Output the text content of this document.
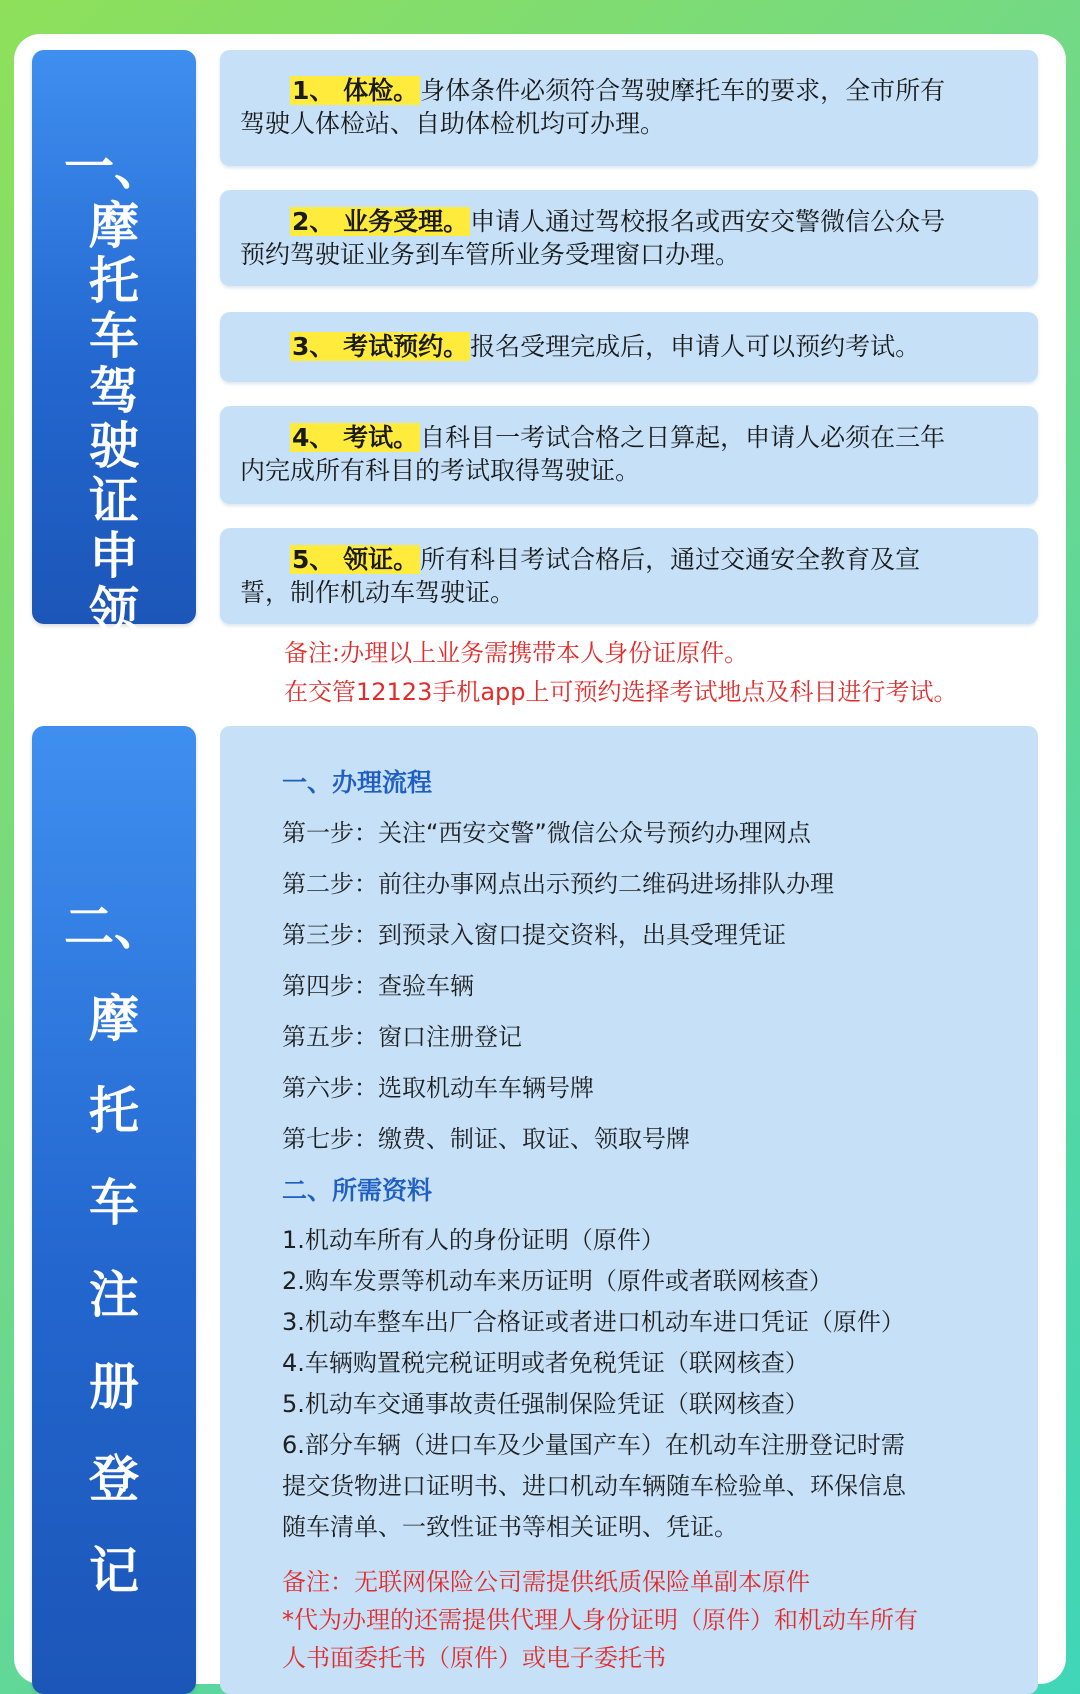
一、
摩
托
车
驾
驶
证
申
领
1、 体检。身体条件必须符合驾驶摩托车的要求，全市所有
驾驶人体检站、自助体检机均可办理。
2、 业务受理。申请人通过驾校报名或西安交警微信公众号
预约驾驶证业务到车管所业务受理窗口办理。
3、 考试预约。报名受理完成后，申请人可以预约考试。
4、 考试。自科目一考试合格之日算起，申请人必须在三年
内完成所有科目的考试取得驾驶证。
5、 领证。所有科目考试合格后，通过交通安全教育及宣
誓，制作机动车驾驶证。
备注:办理以上业务需携带本人身份证原件。
在交管12123手机app上可预约选择考试地点及科目进行考试。
二、
摩
托
车
注
册
登
记
一、办理流程
第一步：关注“西安交警”微信公众号预约办理网点
第二步：前往办事网点出示预约二维码进场排队办理
第三步：到预录入窗口提交资料，出具受理凭证
第四步：查验车辆
第五步：窗口注册登记
第六步：选取机动车车辆号牌
第七步：缴费、制证、取证、领取号牌
二、所需资料
1.机动车所有人的身份证明（原件）
2.购车发票等机动车来历证明（原件或者联网核查）
3.机动车整车出厂合格证或者进口机动车进口凭证（原件）
4.车辆购置税完税证明或者免税凭证（联网核查）
5.机动车交通事故责任强制保险凭证（联网核查）
6.部分车辆（进口车及少量国产车）在机动车注册登记时需
提交货物进口证明书、进口机动车辆随车检验单、环保信息
随车清单、一致性证书等相关证明、凭证。
备注：无联网保险公司需提供纸质保险单副本原件
*代为办理的还需提供代理人身份证明（原件）和机动车所有
人书面委托书（原件）或电子委托书
